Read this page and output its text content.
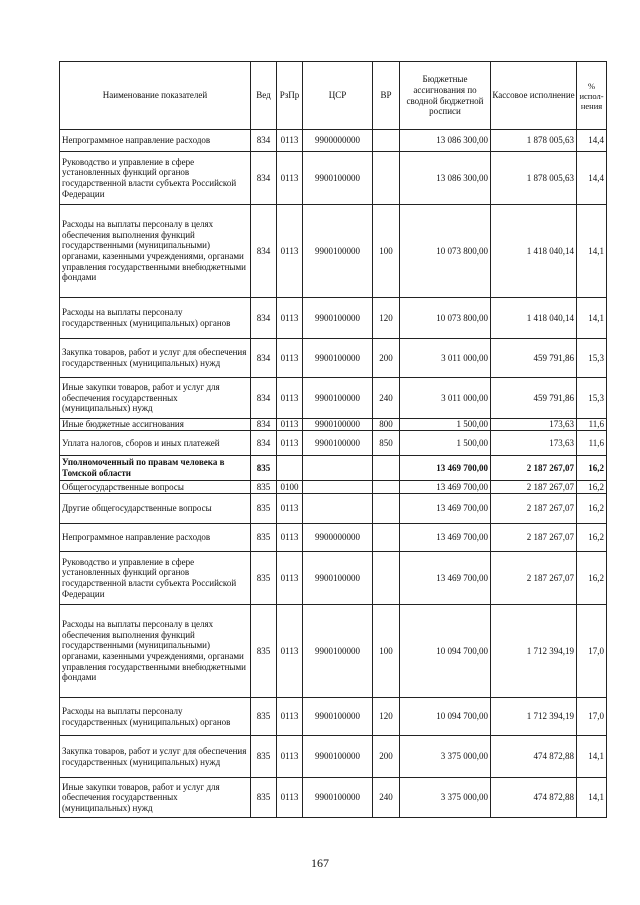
Наименование показателей	Вед	РзПр	ЦСР	ВР	Бюджетные ассигнования по сводной бюджетной росписи	Кассовое исполнение	% испол-нения
Непрограммное направление расходов	834	0113	9900000000		13 086 300,00	1 878 005,63	14,4
Руководство и управление в сфере установленных функций органов государственной власти субъекта Российской Федерации	834	0113	9900100000		13 086 300,00	1 878 005,63	14,4
Расходы на выплаты персоналу в целях обеспечения выполнения функций государственными (муниципальными) органами, казенными учреждениями, органами управления государственными внебюджетными фондами	834	0113	9900100000	100	10 073 800,00	1 418 040,14	14,1
Расходы на выплаты персоналу государственных (муниципальных) органов	834	0113	9900100000	120	10 073 800,00	1 418 040,14	14,1
Закупка товаров, работ и услуг для обеспечения государственных (муниципальных) нужд	834	0113	9900100000	200	3 011 000,00	459 791,86	15,3
Иные закупки товаров, работ и услуг для обеспечения государственных (муниципальных) нужд	834	0113	9900100000	240	3 011 000,00	459 791,86	15,3
Иные бюджетные ассигнования	834	0113	9900100000	800	1 500,00	173,63	11,6
Уплата налогов, сборов и иных платежей	834	0113	9900100000	850	1 500,00	173,63	11,6
Уполномоченный по правам человека в Томской области	835				13 469 700,00	2 187 267,07	16,2
Общегосударственные вопросы	835	0100			13 469 700,00	2 187 267,07	16,2
Другие общегосударственные вопросы	835	0113			13 469 700,00	2 187 267,07	16,2
Непрограммное направление расходов	835	0113	9900000000		13 469 700,00	2 187 267,07	16,2
Руководство и управление в сфере установленных функций органов государственной власти субъекта Российской Федерации	835	0113	9900100000		13 469 700,00	2 187 267,07	16,2
Расходы на выплаты персоналу в целях обеспечения выполнения функций государственными (муниципальными) органами, казенными учреждениями, органами управления государственными внебюджетными фондами	835	0113	9900100000	100	10 094 700,00	1 712 394,19	17,0
Расходы на выплаты персоналу государственных (муниципальных) органов	835	0113	9900100000	120	10 094 700,00	1 712 394,19	17,0
Закупка товаров, работ и услуг для обеспечения государственных (муниципальных) нужд	835	0113	9900100000	200	3 375 000,00	474 872,88	14,1
Иные закупки товаров, работ и услуг для обеспечения государственных (муниципальных) нужд	835	0113	9900100000	240	3 375 000,00	474 872,88	14,1
167
